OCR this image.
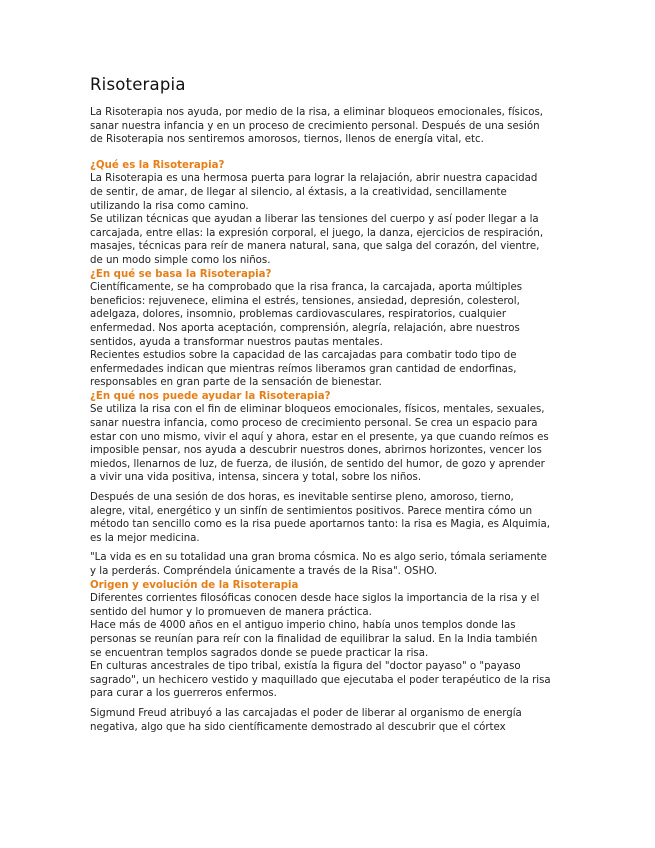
Risoterapia

La Risoterapia nos ayuda, por medio de la risa, a eliminar bloqueos emocionales, físicos, sanar nuestra infancia y en un proceso de crecimiento personal. Después de una sesión de Risoterapia nos sentiremos amorosos, tiernos, llenos de energía vital, etc.

¿Qué es la Risoterapia?

La Risoterapia es una hermosa puerta para lograr la relajación, abrir nuestra capacidad de sentir, de amar, de llegar al silencio, al éxtasis, a la creatividad, sencillamente utilizando la risa como camino.

Se utilizan técnicas que ayudan a liberar las tensiones del cuerpo y así poder llegar a la carcajada, entre ellas: la expresión corporal, el juego, la danza, ejercicios de respiración, masajes, técnicas para reír de manera natural, sana, que salga del corazón, del vientre, de un modo simple como los niños.

¿En qué se basa la Risoterapia?

Científicamente, se ha comprobado que la risa franca, la carcajada, aporta múltiples beneficios: rejuvenece, elimina el estrés, tensiones, ansiedad, depresión, colesterol, adelgaza, dolores, insomnio, problemas cardiovasculares, respiratorios, cualquier enfermedad. Nos aporta aceptación, comprensión, alegría, relajación, abre nuestros sentidos, ayuda a transformar nuestros pautas mentales.

Recientes estudios sobre la capacidad de las carcajadas para combatir todo tipo de enfermedades indican que mientras reímos liberamos gran cantidad de endorfinas, responsables en gran parte de la sensación de bienestar.

¿En qué nos puede ayudar la Risoterapia?

Se utiliza la risa con el fin de eliminar bloqueos emocionales, físicos, mentales, sexuales, sanar nuestra infancia, como proceso de crecimiento personal. Se crea un espacio para estar con uno mismo, vivir el aquí y ahora, estar en el presente, ya que cuando reímos es imposible pensar, nos ayuda a descubrir nuestros dones, abrirnos horizontes, vencer los miedos, llenarnos de luz, de fuerza, de ilusión, de sentido del humor, de gozo y aprender a vivir una vida positiva, intensa, sincera y total, sobre los niños.

Después de una sesión de dos horas, es inevitable sentirse pleno, amoroso, tierno, alegre, vital, energético y un sinfín de sentimientos positivos. Parece mentira cómo un método tan sencillo como es la risa puede aportarnos tanto: la risa es Magia, es Alquimia, es la mejor medicina.

"La vida es en su totalidad una gran broma cósmica. No es algo serio, tómala seriamente y la perderás. Compréndela únicamente a través de la Risa". OSHO.

Origen y evolución de la Risoterapia

Diferentes corrientes filosóficas conocen desde hace siglos la importancia de la risa y el sentido del humor y lo promueven de manera práctica.

Hace más de 4000 años en el antiguo imperio chino, había unos templos donde las personas se reunían para reír con la finalidad de equilibrar la salud. En la India también se encuentran templos sagrados donde se puede practicar la risa.

En culturas ancestrales de tipo tribal, existía la figura del "doctor payaso" o "payaso sagrado", un hechicero vestido y maquillado que ejecutaba el poder terapéutico de la risa para curar a los guerreros enfermos.

Sigmund Freud atribuyó a las carcajadas el poder de liberar al organismo de energía negativa, algo que ha sido científicamente demostrado al descubrir que el córtex
